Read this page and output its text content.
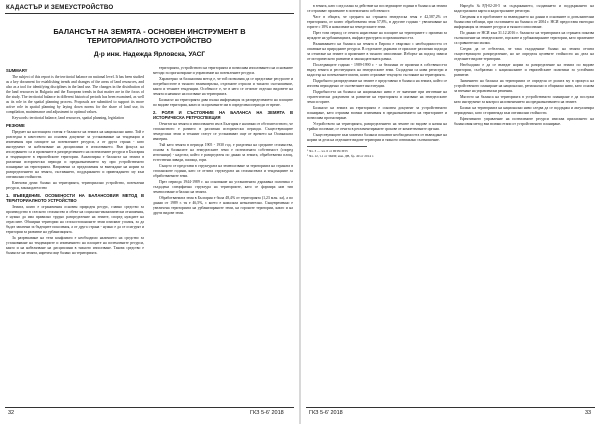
КАДАСТЪР И ЗЕМЕУСТРОЙСТВО
БАЛАНСЪТ НА ЗЕМЯТА - ОСНОВЕН ИНСТРУМЕНТ В ТЕРИТОРИАЛНОТО УСТРОЙСТВО
Д-р инж. Надежда Ярловска, УАСГ
SUMMARY

The subject of this report is the territorial balance on national level. It has been studied as a key document for establishing trends and changes of the areas of land resources, and also as a tool for identifying disciplines in the land use. The changes in the distribution of the land resources in Bulgaria and the European trends in that matter are in the focus of the study. The territorial balance in different historical periods has been examined, as well as its role in the spatial planning process. Proposals are submitted to support its more active role in spatial planning by laying down norms for the share of land use, its compilation, maintenance and adjustment to optimal values.

Keywords: territorial balance, land resources, spatial planning, legislation

РЕЗЮМЕ

Предмет на настоящата статия е балансът на земята на национално ниво. Той е разгледан в качеството на основен документ за установяване на тенденции и изменения при площите на поземлените ресурси, а от друга страна - като инструмент за набелязване на дисциплини в използването. Във фокуса на изследването са и промените в разпределението на поземлените ресурси в България и тенденциите в европейските територии. Анализиран е балансът на земята в различни исторически периоди и предназначението му при устройственото планиране на територията. Направени са предложения за въвеждане на норми за разпределението на земята, съставянето, поддържането и привеждането му към оптимални стойности.

Ключови думи: баланс на територията, териториално устройство, поземлени ресурси, законодателство

1. ВЪВЕДЕНИЕ. ОСОБЕНОСТИ НА БАЛАНСОВИЯ МЕТОД В ТЕРИТОРИАЛНОТО УСТРОЙСТВО

Земята, която е ограничения основен природен ресурс, главно средство за производство в селското стопанство и обект на социално-икономически отношения, е нужно да има правилно трудно разпределение на земите, според нуждите на отраслите. Обширни територии на селскостопанските земи изискват усилия, за да бъдат запазени за бъдещите поколения, а от друга страна - нужно е да се осигурят и територии за развитие на урбанизацията.

За разрешаване на тези конфликти е необходимо наличието на средство за установяване на тенденциите и изменението на площите на поземлените ресурси, както и на набелязване на дисциплини в тяхното използване. Такова средство е балансът на земята, наречен още баланс на територията.

територията, устройството на територията и позволява използването на основните методи за прогнозиране и управление на поземлените ресурси.

Характерно за балансовия метод е, че той позволява да се представят ресурсите и потребностите в тяхното взаимовръзка, отделните отрасли и тяхното съотношение, както и техните тенденции. Особеност е, че в него се отчитат отделно видовете на земята и начинът на ползване на територията.

Балансът на територията дава пълна информация за разпределението на площите по видове територии, както и за промените им в определени периоди от време.

2. РОЛЯ И СЪСТОЯНИЕ НА БАЛАНСА НА ЗЕМЯТА В ИСТОРИЧЕСКА РЕТРОСПЕКЦИЯ

Отчитат на земята и използването им в България е налични от обстоятелството, че стопанството е развито в различни исторически периоди. Съществуващите земеделски земи и техният статут се установяват още от времето на Османската империя.

Тъй като земята в периода 1905 - 1930 год. е разделена на средните стопанства, основа в балансите на земеделските земи е поземлената собственост (според източници) - наделът, който е разпределен по данни за земята, обработваема площ, естествени ливади, пасища, гори.

Същото се представи в структурата на земеползване за територията на страната в стопанските години, като се отчита структурата на стопанствата и тенденциите за обработваемите земи.

През периода 1944-1989 г. на основание на установената държавна политика е създадена специфична структура на териториите, като се формира нов тип земеползване и баланс на земята.

Обработваемата земя в България е била 48,4% от територията (1,23 млн. ха), а по данни от 1989 г. тя е 46,5%, с което е намаляла незначително. Същевременно е увеличена територията на урбанизираните земи, на горските територии, както и на други видове земи.

32	ГКЗ 5-6' 2018

в земята, като след плана за действие на последващите години в баланса на земята се отразяват промените в поземлената собственост.

Част в общата, че средната на страната земеделска земя е 42,587,2% от територията, от които обработваема земя 57,8%, в другите години - увеличаване на горите с 18% и намаление на земеделските земи.

През този период се отчита нарастване на площите на териториите с промени за нуждите на урбанизацията, инфраструктурата и промишлеността.

Възникването на баланса на земята в Европа е свързано с необходимостта от опазване на природните ресурси. В отделните държави се прилагат различни подходи за отчитане на земите и промените в тяхното използване. Изборът на подход зависи от историческото развитие и законодателната рамка.

Последващите години - 1989-1990 г. - са белязани от промени в собствеността върху земята и реституцията на земеделските земи. Създадени са нови регистри и кадастър на поземлените имоти, които отразяват текущото състояние на територията.

Подробното разпределение на земите е представено в баланса на земята, който се изготвя периодично от съответните институции.

Подробността на баланса на национално ниво е от значение при изготвяне на стратегически документи за развитие на територията и опазване на земеделските земи и горите.

Балансът на земята на територията е основен документ за устройственото планиране, като отразява всички изменения в предназначението на териториите и позволява прогнозиране.

Устройството на територията, разпределението на земите по видове и начин на трайно ползване, се отчита в регламентираните срокове от компетентните органи.

Съществуващите към момента баланси показват необходимостта от въвеждане на норми за дела на отделните видове територии и тяхното оптимално съотношение.

¹ Чл. 3 — чл. 6 от ППЗСПЗЗ

² Чл. 12, т.1 от ЗКИР, изм. ДВ, бр. 49 от 2014 г.

Наредба №РД-02-20-5 за съдържанието, създаването и поддържането на кадастралната карта и кадастралните регистри.

Сведения и в проблемите за въвеждането на данни в основните и допълнителни балансови таблици, при съставянето на баланса от 2004 г. НСИ предоставя ежегодно информация за земните ресурси и тяхното използване.

По данни от НСИ към 31.12.2016 г. балансът на територията на страната показва съотношение на земеделските, горските и урбанизираните територии, като промените са сравнително малки.

Следва да се отбележи, че така създаденият баланс на земята отчита съществуващото разпределение, но не определя целевите стойности на дела на отделните видове територии.

Необходимо е да се въведат норми за разпределение на земята по видове територии, съобразени с националните и европейските политики за устойчиво развитие.

Значението на баланса на територията се определя от ролята му в процеса на устройственото планиране на национално, регионално и общинско ниво, като основа за вземане на управленски решения.

Мястото на баланса на територията в устройственото планиране е да послужи като инструмент за контрол на изменението на предназначението на земите.

Баланс на територията на национално ниво следва да се поддържа и актуализира периодично, като се привежда към оптимални стойности.

Ефективното управление на поземлените ресурси изисква прилагането на балансовия метод във всички етапи от устройственото планиране.

ГКЗ 5-6' 2018	33
